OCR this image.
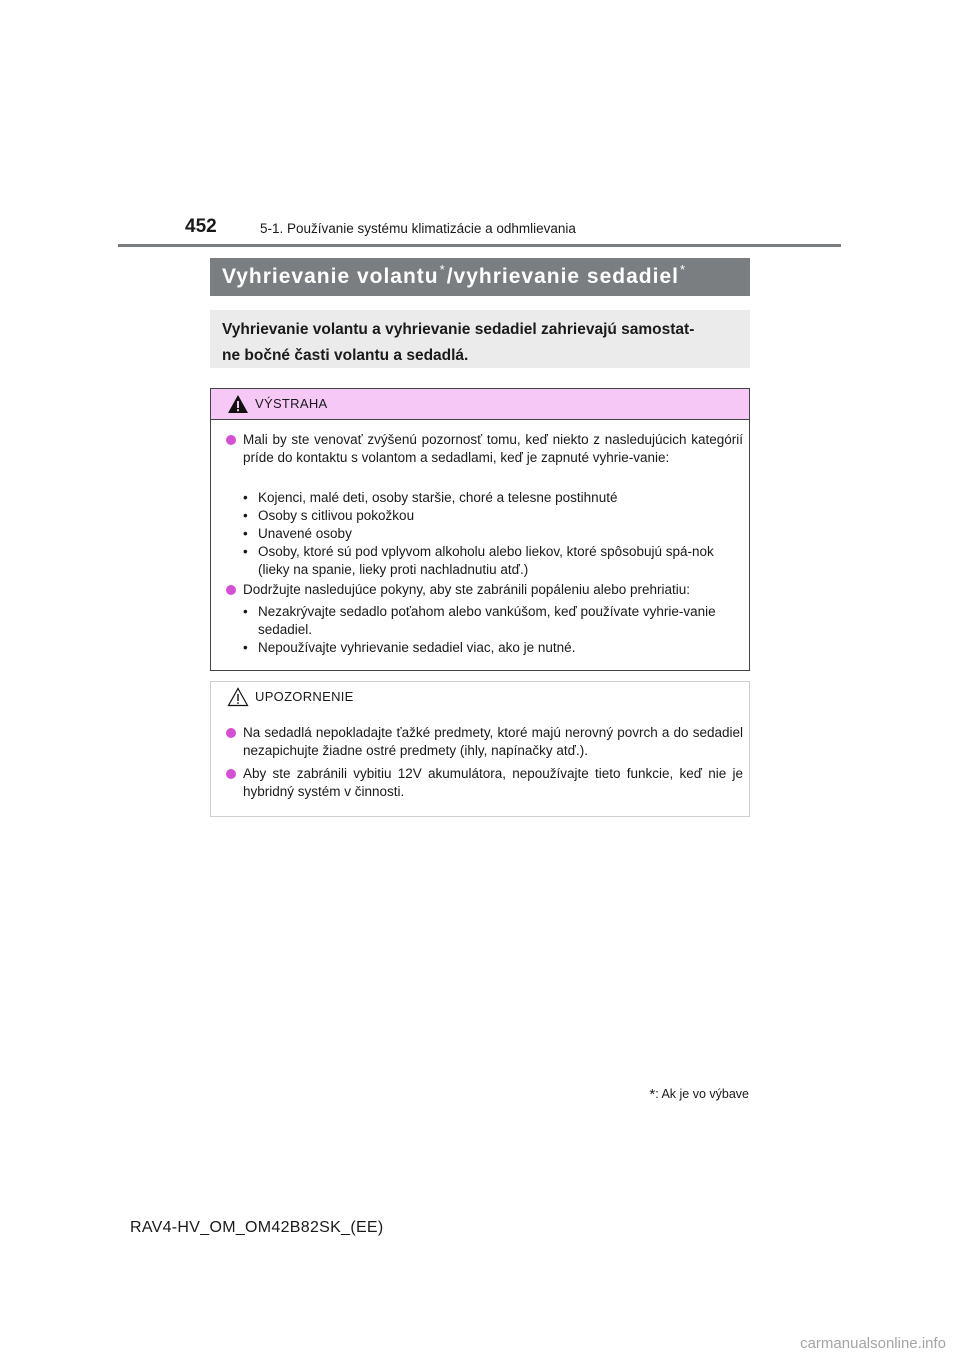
452	5-1. Používanie systému klimatizácie a odhmlievania
Vyhrievanie volantu*/vyhrievanie sedadiel*
Vyhrievanie volantu a vyhrievanie sedadiel zahrievajú samostat-
ne bočné časti volantu a sedadlá.
VÝSTRAHA
Mali by ste venovať zvýšenú pozornosť tomu, keď niekto z nasledujúcich kategórií príde do kontaktu s volantom a sedadlami, keď je zapnuté vyhrie-vanie:
• Kojenci, malé deti, osoby staršie, choré a telesne postihnuté
• Osoby s citlivou pokožkou
• Unavené osoby
• Osoby, ktoré sú pod vplyvom alkoholu alebo liekov, ktoré spôsobujú spá-nok (lieky na spanie, lieky proti nachladnutiu atď.)
Dodržujte nasledujúce pokyny, aby ste zabránili popáleniu alebo prehriatiu:
• Nezakrývajte sedadlo poťahom alebo vankúšom, keď používate vyhrie-vanie sedadiel.
• Nepoužívajte vyhrievanie sedadiel viac, ako je nutné.
UPOZORNENIE
Na sedadlá nepokladajte ťažké predmety, ktoré majú nerovný povrch a do sedadiel nezapichujte žiadne ostré predmety (ihly, napínačky atď.).
Aby ste zabránili vybitiu 12V akumulátora, nepoužívajte tieto funkcie, keď nie je hybridný systém v činnosti.
*: Ak je vo výbave
RAV4-HV_OM_OM42B82SK_(EE)
carmanualsonline.info
